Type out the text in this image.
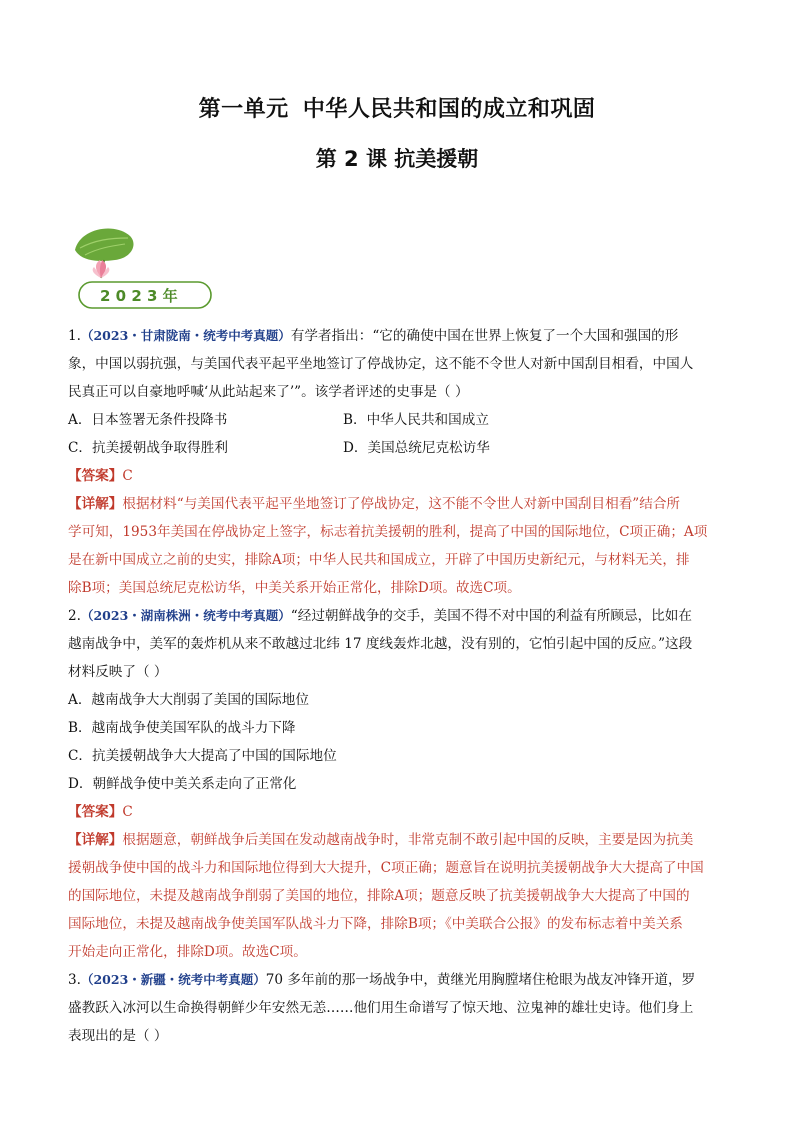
第一单元 中华人民共和国的成立和巩固
第 2 课 抗美援朝
2 0 2 3 年

1.（2023・甘肃陇南・统考中考真题）有学者指出：“它的确使中国在世界上恢复了一个大国和强国的形

象，中国以弱抗强，与美国代表平起平坐地签订了停战协定，这不能不令世人对新中国刮目相看，中国人

民真正可以自豪地呼喊‘从此站起来了’”。该学者评述的史事是（ ）

A．日本签署无条件投降书	B．中华人民共和国成立
C．抗美援朝战争取得胜利	D．美国总统尼克松访华

【答案】C

【详解】根据材料“与美国代表平起平坐地签订了停战协定，这不能不令世人对新中国刮目相看”结合所

学可知，1953年美国在停战协定上签字，标志着抗美援朝的胜利，提高了中国的国际地位，C项正确；A项

是在新中国成立之前的史实，排除A项；中华人民共和国成立，开辟了中国历史新纪元，与材料无关，排

除B项；美国总统尼克松访华，中美关系开始正常化，排除D项。故选C项。

2.（2023・湖南株洲・统考中考真题）“经过朝鲜战争的交手，美国不得不对中国的利益有所顾忌，比如在

越南战争中，美军的轰炸机从来不敢越过北纬 17 度线轰炸北越，没有别的，它怕引起中国的反应。”这段

材料反映了（ ）

A．越南战争大大削弱了美国的国际地位

B．越南战争使美国军队的战斗力下降

C．抗美援朝战争大大提高了中国的国际地位

D．朝鲜战争使中美关系走向了正常化

【答案】C

【详解】根据题意，朝鲜战争后美国在发动越南战争时，非常克制不敢引起中国的反映，主要是因为抗美

援朝战争使中国的战斗力和国际地位得到大大提升，C项正确；题意旨在说明抗美援朝战争大大提高了中国

的国际地位，未提及越南战争削弱了美国的地位，排除A项；题意反映了抗美援朝战争大大提高了中国的

国际地位，未提及越南战争使美国军队战斗力下降，排除B项；《中美联合公报》的发布标志着中美关系

开始走向正常化，排除D项。故选C项。

3.（2023・新疆・统考中考真题）70 多年前的那一场战争中，黄继光用胸膛堵住枪眼为战友冲锋开道，罗

盛教跃入冰河以生命换得朝鲜少年安然无恙……他们用生命谱写了惊天地、泣鬼神的雄壮史诗。他们身上

表现出的是（ ）
